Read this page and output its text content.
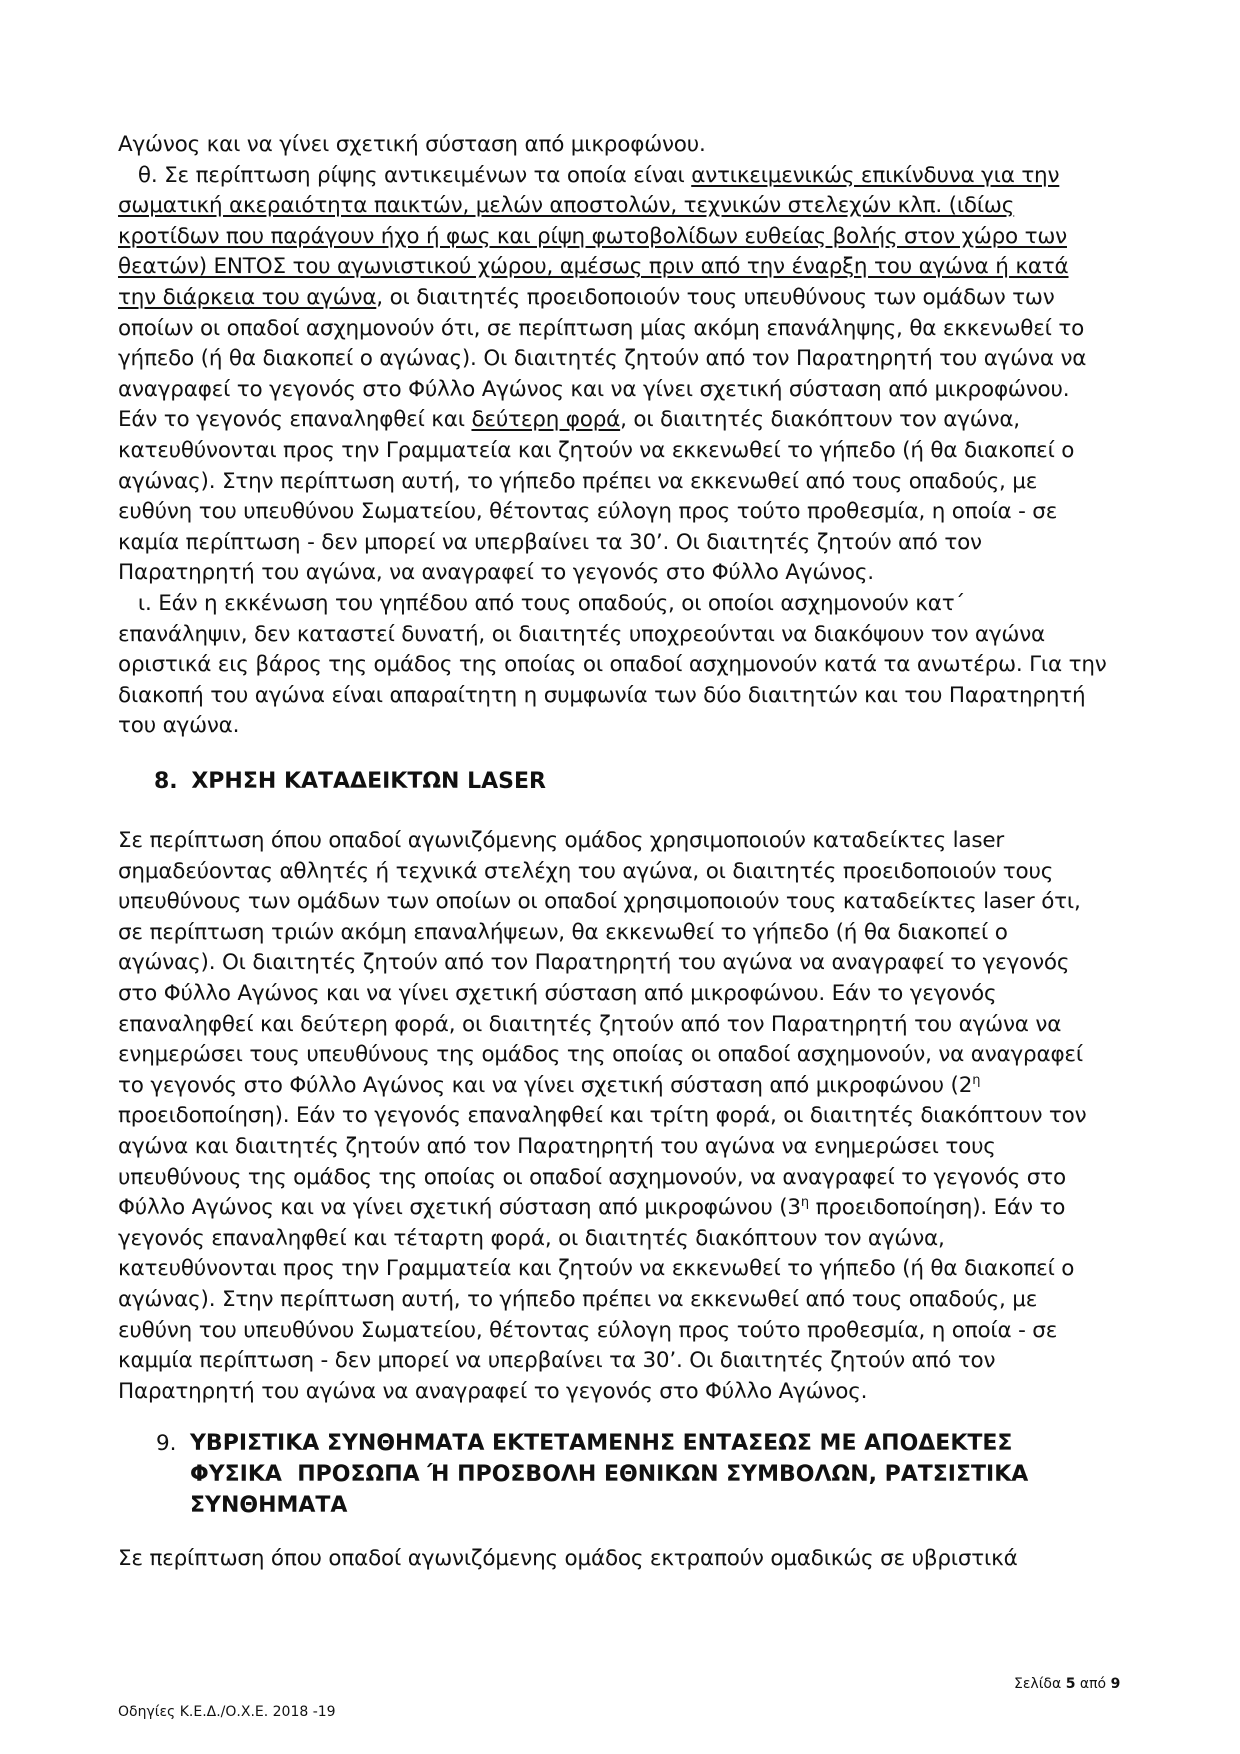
Αγώνος και να γίνει σχετική σύσταση από μικροφώνου.
θ. Σε περίπτωση ρίψης αντικειμένων τα οποία είναι αντικειμενικώς επικίνδυνα για την
σωματική ακεραιότητα παικτών, μελών αποστολών, τεχνικών στελεχών κλπ. (ιδίως
κροτίδων που παράγουν ήχο ή φως και ρίψη φωτοβολίδων ευθείας βολής στον χώρο των
θεατών) ΕΝΤΟΣ του αγωνιστικού χώρου, αμέσως πριν από την έναρξη του αγώνα ή κατά
την διάρκεια του αγώνα, οι διαιτητές προειδοποιούν τους υπευθύνους των ομάδων των
οποίων οι οπαδοί ασχημονούν ότι, σε περίπτωση μίας ακόμη επανάληψης, θα εκκενωθεί το
γήπεδο (ή θα διακοπεί ο αγώνας). Οι διαιτητές ζητούν από τον Παρατηρητή του αγώνα να
αναγραφεί το γεγονός στο Φύλλο Αγώνος και να γίνει σχετική σύσταση από μικροφώνου.
Εάν το γεγονός επαναληφθεί και δεύτερη φορά, οι διαιτητές διακόπτουν τον αγώνα,
κατευθύνονται προς την Γραμματεία και ζητούν να εκκενωθεί το γήπεδο (ή θα διακοπεί ο
αγώνας). Στην περίπτωση αυτή, το γήπεδο πρέπει να εκκενωθεί από τους οπαδούς, με
ευθύνη του υπευθύνου Σωματείου, θέτοντας εύλογη προς τούτο προθεσμία, η οποία - σε
καμία περίπτωση - δεν μπορεί να υπερβαίνει τα 30’. Οι διαιτητές ζητούν από τον
Παρατηρητή του αγώνα, να αναγραφεί το γεγονός στο Φύλλο Αγώνος.
ι. Εάν η εκκένωση του γηπέδου από τους οπαδούς, οι οποίοι ασχημονούν κατ΄
επανάληψιν, δεν καταστεί δυνατή, οι διαιτητές υποχρεούνται να διακόψουν τον αγώνα
οριστικά εις βάρος της ομάδος της οποίας οι οπαδοί ασχημονούν κατά τα ανωτέρω. Για την
διακοπή του αγώνα είναι απαραίτητη η συμφωνία των δύο διαιτητών και του Παρατηρητή
του αγώνα.
8. ΧΡΗΣΗ ΚΑΤΑΔΕΙΚΤΩΝ LASER
Σε περίπτωση όπου οπαδοί αγωνιζόμενης ομάδος χρησιμοποιούν καταδείκτες laser
σημαδεύοντας αθλητές ή τεχνικά στελέχη του αγώνα, οι διαιτητές προειδοποιούν τους
υπευθύνους των ομάδων των οποίων οι οπαδοί χρησιμοποιούν τους καταδείκτες laser ότι,
σε περίπτωση τριών ακόμη επαναλήψεων, θα εκκενωθεί το γήπεδο (ή θα διακοπεί ο
αγώνας). Οι διαιτητές ζητούν από τον Παρατηρητή του αγώνα να αναγραφεί το γεγονός
στο Φύλλο Αγώνος και να γίνει σχετική σύσταση από μικροφώνου. Εάν το γεγονός
επαναληφθεί και δεύτερη φορά, οι διαιτητές ζητούν από τον Παρατηρητή του αγώνα να
ενημερώσει τους υπευθύνους της ομάδος της οποίας οι οπαδοί ασχημονούν, να αναγραφεί
το γεγονός στο Φύλλο Αγώνος και να γίνει σχετική σύσταση από μικροφώνου ($2^\eta$
προειδοποίηση). Εάν το γεγονός επαναληφθεί και τρίτη φορά, οι διαιτητές διακόπτουν τον
αγώνα και διαιτητές ζητούν από τον Παρατηρητή του αγώνα να ενημερώσει τους
υπευθύνους της ομάδος της οποίας οι οπαδοί ασχημονούν, να αναγραφεί το γεγονός στο
Φύλλο Αγώνος και να γίνει σχετική σύσταση από μικροφώνου ($3^\eta$ προειδοποίηση). Εάν το
γεγονός επαναληφθεί και τέταρτη φορά, οι διαιτητές διακόπτουν τον αγώνα,
κατευθύνονται προς την Γραμματεία και ζητούν να εκκενωθεί το γήπεδο (ή θα διακοπεί ο
αγώνας). Στην περίπτωση αυτή, το γήπεδο πρέπει να εκκενωθεί από τους οπαδούς, με
ευθύνη του υπευθύνου Σωματείου, θέτοντας εύλογη προς τούτο προθεσμία, η οποία - σε
καμμία περίπτωση - δεν μπορεί να υπερβαίνει τα 30’. Οι διαιτητές ζητούν από τον
Παρατηρητή του αγώνα να αναγραφεί το γεγονός στο Φύλλο Αγώνος.
9. ΥΒΡΙΣΤΙΚΑ ΣΥΝΘΗΜΑΤΑ ΕΚΤΕΤΑΜΕΝΗΣ ΕΝΤΑΣΕΩΣ ΜΕ ΑΠΟΔΕΚΤΕΣ
ΦΥΣΙΚΑ  ΠΡΟΣΩΠΑ Ή ΠΡΟΣΒΟΛΗ ΕΘΝΙΚΩΝ ΣΥΜΒΟΛΩΝ, ΡΑΤΣΙΣΤΙΚΑ
ΣΥΝΘΗΜΑΤΑ
Σε περίπτωση όπου οπαδοί αγωνιζόμενης ομάδος εκτραπούν ομαδικώς σε υβριστικά
Σελίδα 5 από 9
Οδηγίες Κ.Ε.Δ./Ο.Χ.Ε. 2018 -19
